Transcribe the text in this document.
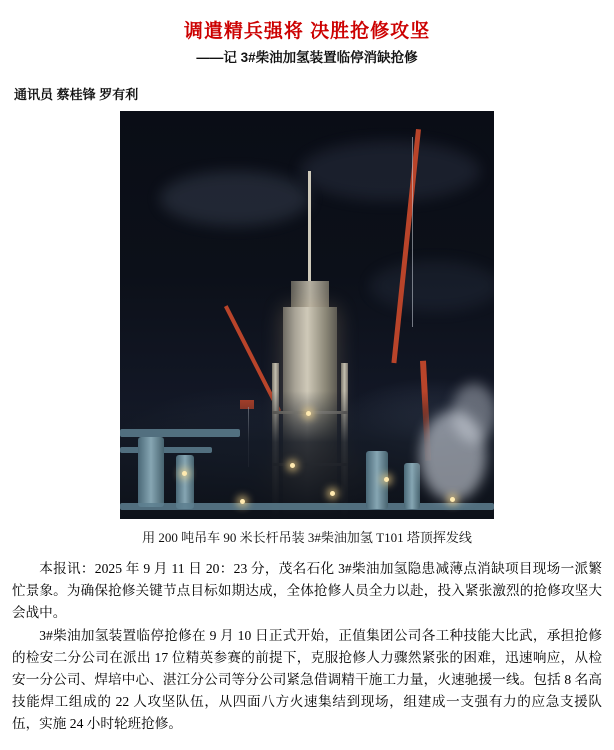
调遣精兵强将 决胜抢修攻坚
——记 3#柴油加氢装置临停消缺抢修
通讯员 蔡桂锋 罗有利
用 200 吨吊车 90 米长杆吊装 3#柴油加氢 T101 塔顶挥发线

本报讯：2025 年 9 月 11 日 20：23 分，茂名石化 3#柴油加氢隐患减薄点消缺项目现场一派繁忙景象。为确保抢修关键节点目标如期达成，全体抢修人员全力以赴，投入紧张激烈的抢修攻坚大会战中。

3#柴油加氢装置临停抢修在 9 月 10 日正式开始，正值集团公司各工种技能大比武，承担抢修的检安二分公司在派出 17 位精英参赛的前提下，克服抢修人力骤然紧张的困难，迅速响应，从检安一分公司、焊培中心、湛江分公司等分公司紧急借调精干施工力量，火速驰援一线。包括 8 名高技能焊工组成的 22 人攻坚队伍，从四面八方火速集结到现场，组建成一支强有力的应急支援队伍，实施 24 小时轮班抢修。
